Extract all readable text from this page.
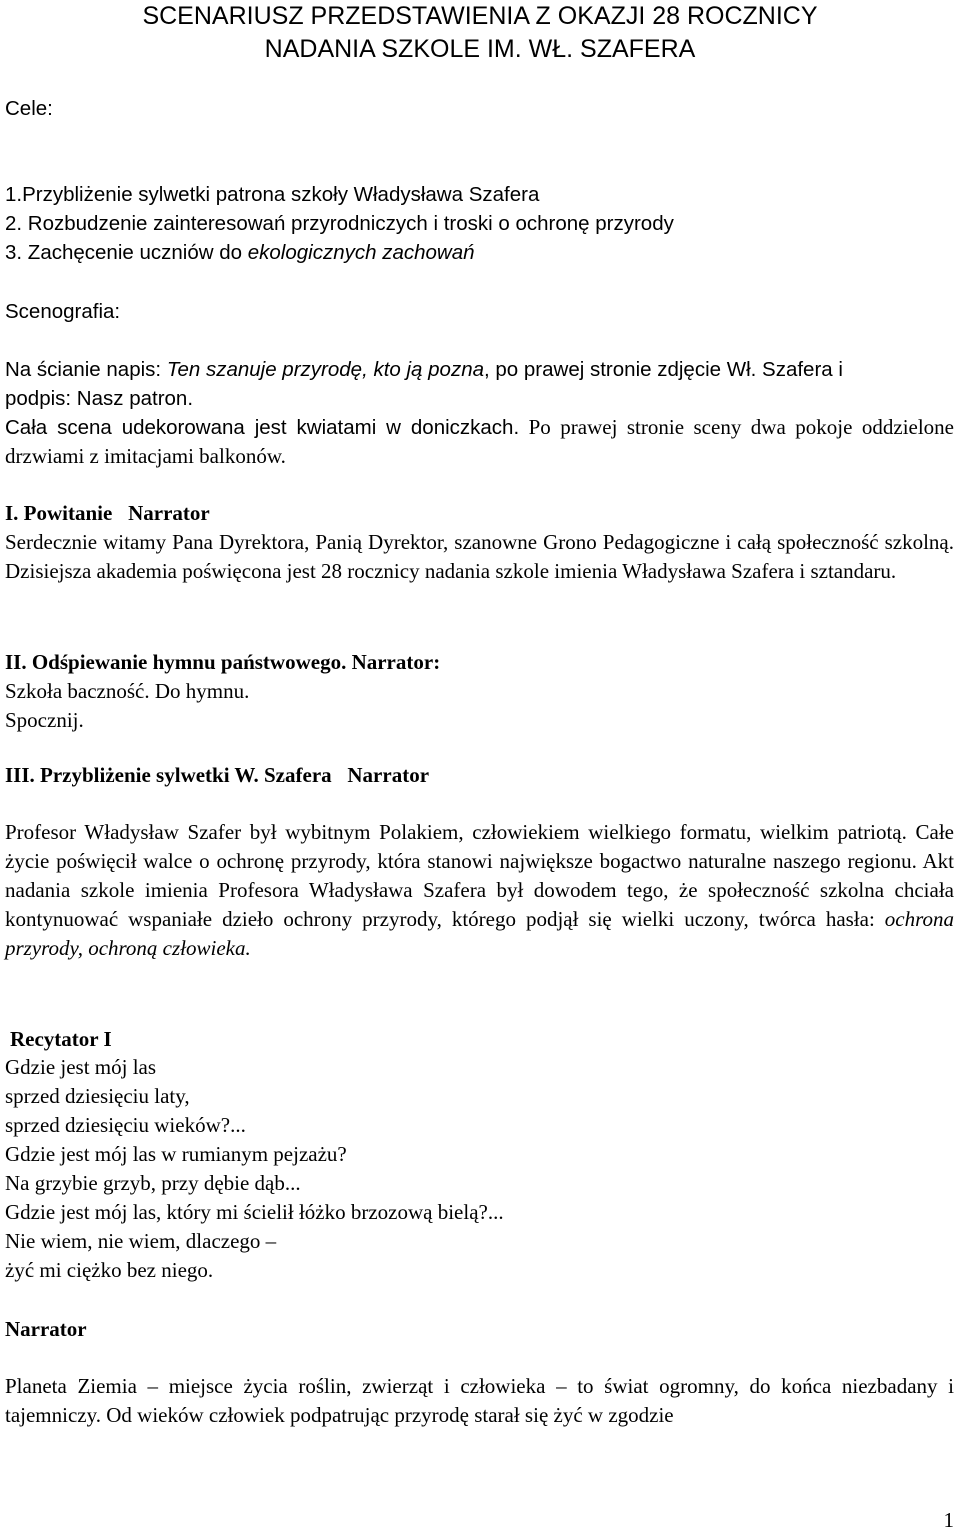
SCENARIUSZ PRZEDSTAWIENIA Z OKAZJI 28 ROCZNICY
NADANIA SZKOLE IM. WŁ. SZAFERA
Cele:
1.Przybliżenie sylwetki patrona szkoły Władysława Szafera
2. Rozbudzenie zainteresowań przyrodniczych i troski o ochronę przyrody
3. Zachęcenie uczniów do ekologicznych zachowań
Scenografia:
Na ścianie napis: Ten szanuje przyrodę, kto ją pozna, po prawej stronie zdjęcie Wł. Szafera i
podpis: Nasz patron.
Cała scena udekorowana jest kwiatami w doniczkach. Po prawej stronie sceny dwa pokoje oddzielone drzwiami z imitacjami balkonów.
I. Powitanie   Narrator
Serdecznie witamy Pana Dyrektora, Panią Dyrektor, szanowne Grono Pedagogiczne i całą społeczność szkolną. Dzisiejsza akademia poświęcona jest 28 rocznicy nadania szkole imienia Władysława Szafera i sztandaru.
II. Odśpiewanie hymnu państwowego. Narrator:
Szkoła baczność. Do hymnu.
Spocznij.
III. Przybliżenie sylwetki W. Szafera   Narrator
Profesor Władysław Szafer był wybitnym Polakiem, człowiekiem wielkiego formatu, wielkim patriotą. Całe życie poświęcił walce o ochronę przyrody, która stanowi największe bogactwo naturalne naszego regionu. Akt nadania szkole imienia Profesora Władysława Szafera był dowodem tego, że społeczność szkolna chciała kontynuować wspaniałe dzieło ochrony przyrody, którego podjął się wielki uczony, twórca hasła: ochrona przyrody, ochroną człowieka.
Recytator I
Gdzie jest mój las
sprzed dziesięciu laty,
sprzed dziesięciu wieków?...
Gdzie jest mój las w rumianym pejzażu?
Na grzybie grzyb, przy dębie dąb...
Gdzie jest mój las, który mi ścielił łóżko brzozową bielą?...
Nie wiem, nie wiem, dlaczego –
żyć mi ciężko bez niego.
Narrator
Planeta Ziemia – miejsce życia roślin, zwierząt i człowieka – to świat ogromny, do końca niezbadany i tajemniczy. Od wieków człowiek podpatrując przyrodę starał się żyć w zgodzie
1
